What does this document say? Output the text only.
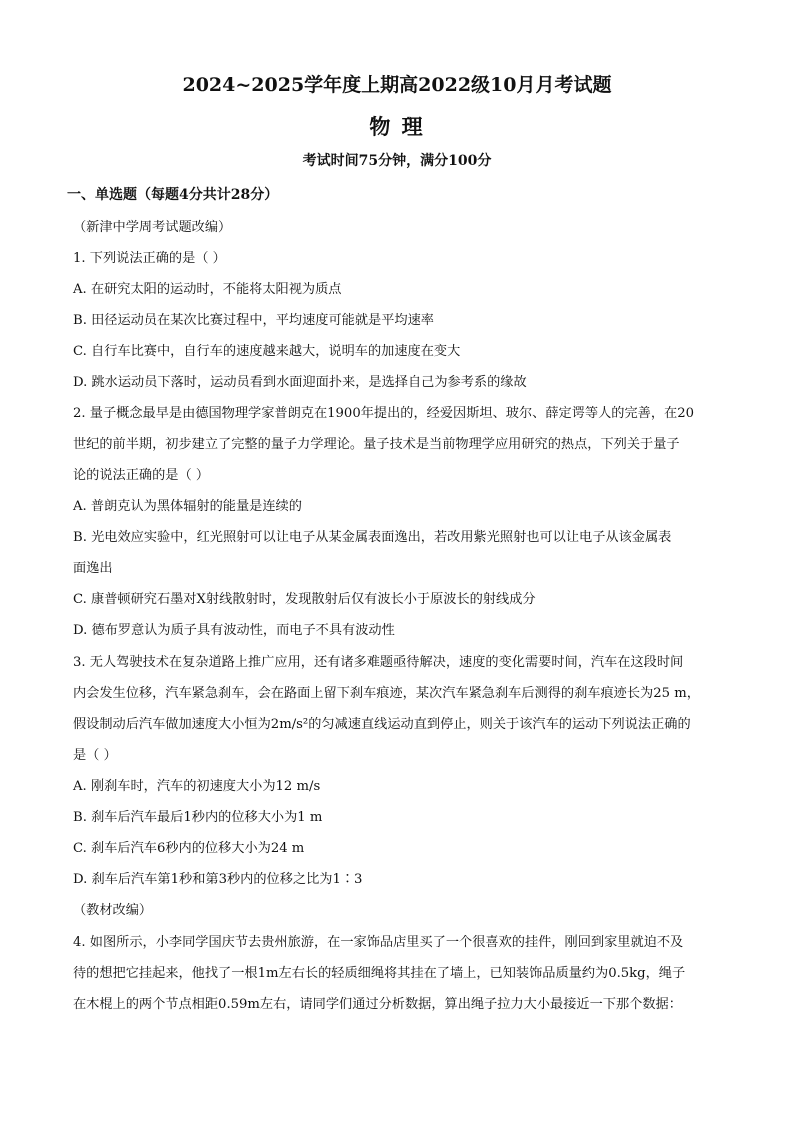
2024~2025学年度上期高2022级10月月考试题
物 理
考试时间75分钟，满分100分
一、单选题（每题4分共计28分）
（新津中学周考试题改编）
1. 下列说法正确的是（ ）
A. 在研究太阳的运动时，不能将太阳视为质点
B. 田径运动员在某次比赛过程中，平均速度可能就是平均速率
C. 自行车比赛中，自行车的速度越来越大，说明车的加速度在变大
D. 跳水运动员下落时，运动员看到水面迎面扑来，是选择自己为参考系的缘故
2. 量子概念最早是由德国物理学家普朗克在1900年提出的，经爱因斯坦、玻尔、薛定谔等人的完善，在20
世纪的前半期，初步建立了完整的量子力学理论。量子技术是当前物理学应用研究的热点，下列关于量子
论的说法正确的是（ ）
A. 普朗克认为黑体辐射的能量是连续的
B. 光电效应实验中，红光照射可以让电子从某金属表面逸出，若改用紫光照射也可以让电子从该金属表
面逸出
C. 康普顿研究石墨对X射线散射时，发现散射后仅有波长小于原波长的射线成分
D. 德布罗意认为质子具有波动性，而电子不具有波动性
3. 无人驾驶技术在复杂道路上推广应用，还有诸多难题亟待解决，速度的变化需要时间，汽车在这段时间
内会发生位移，汽车紧急刹车，会在路面上留下刹车痕迹，某次汽车紧急刹车后测得的刹车痕迹长为25 m，
假设制动后汽车做加速度大小恒为2m/s²的匀减速直线运动直到停止，则关于该汽车的运动下列说法正确的
是（ ）
A. 刚刹车时，汽车的初速度大小为12 m/s
B. 刹车后汽车最后1秒内的位移大小为1 m
C. 刹车后汽车6秒内的位移大小为24 m
D. 刹车后汽车第1秒和第3秒内的位移之比为1∶3
（教材改编）
4. 如图所示，小李同学国庆节去贵州旅游，在一家饰品店里买了一个很喜欢的挂件，刚回到家里就迫不及
待的想把它挂起来，他找了一根1m左右长的轻质细绳将其挂在了墙上，已知装饰品质量约为0.5kg，绳子
在木棍上的两个节点相距0.59m左右，请同学们通过分析数据，算出绳子拉力大小最接近一下那个数据：
